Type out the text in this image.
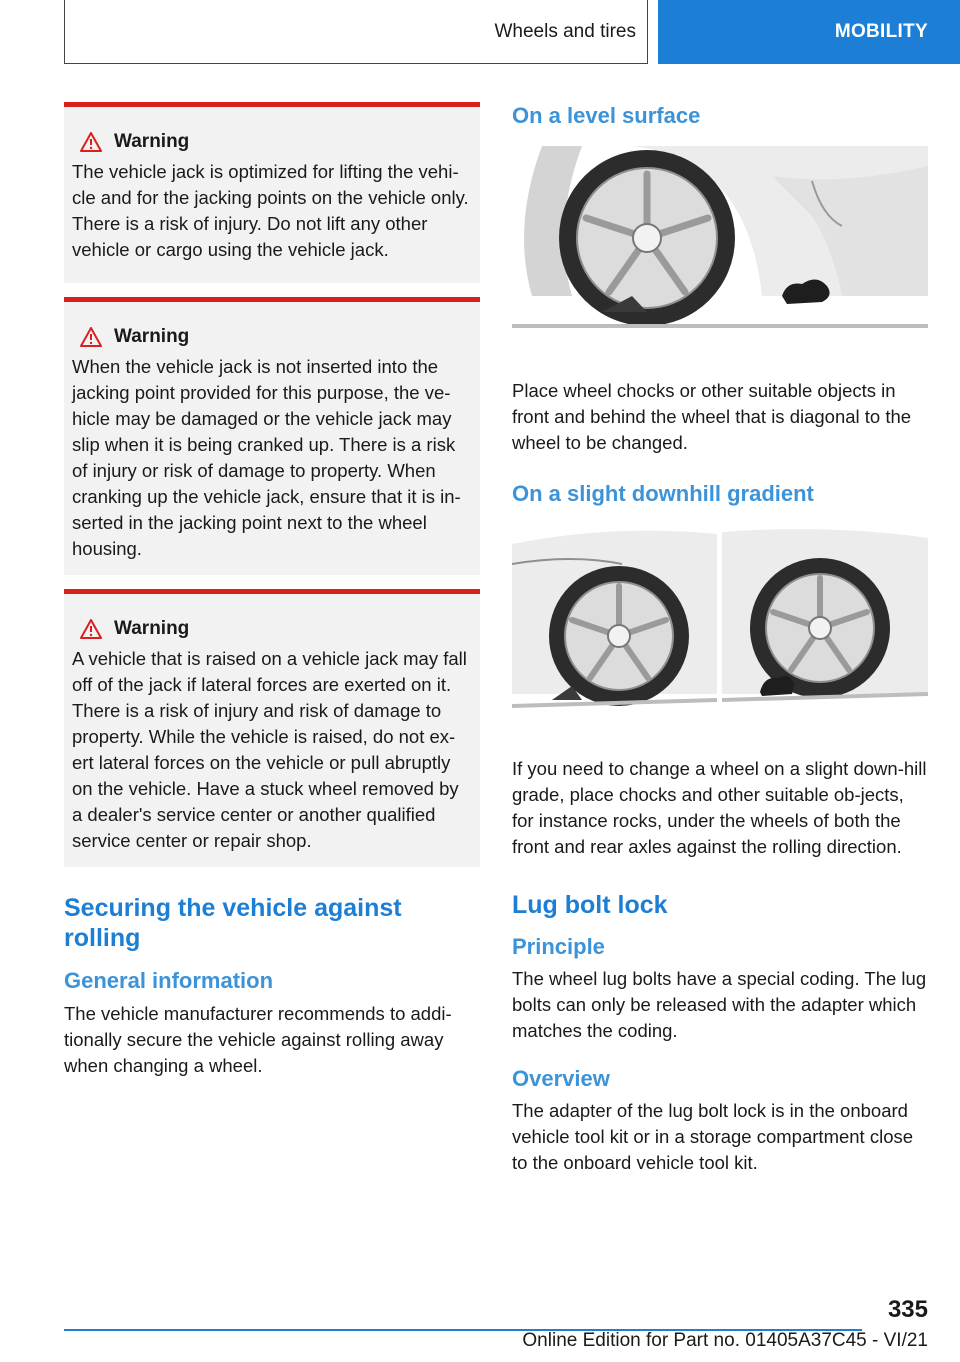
Wheels and tires	MOBILITY
Warning
The vehicle jack is optimized for lifting the vehi‐cle and for the jacking points on the vehicle only. There is a risk of injury. Do not lift any other vehicle or cargo using the vehicle jack.
Warning
When the vehicle jack is not inserted into the jacking point provided for this purpose, the ve‐hicle may be damaged or the vehicle jack may slip when it is being cranked up. There is a risk of injury or risk of damage to property. When cranking up the vehicle jack, ensure that it is in‐serted in the jacking point next to the wheel housing.
Warning
A vehicle that is raised on a vehicle jack may fall off of the jack if lateral forces are exerted on it. There is a risk of injury and risk of damage to property. While the vehicle is raised, do not ex‐ert lateral forces on the vehicle or pull abruptly on the vehicle. Have a stuck wheel removed by a dealer's service center or another qualified service center or repair shop.
Securing the vehicle against rolling
General information

The vehicle manufacturer recommends to addi‐tionally secure the vehicle against rolling away when changing a wheel.

On a level surface

Place wheel chocks or other suitable objects in front and behind the wheel that is diagonal to the wheel to be changed.

On a slight downhill gradient

If you need to change a wheel on a slight down‐hill grade, place chocks and other suitable ob‐jects, for instance rocks, under the wheels of both the front and rear axles against the rolling direction.

Lug bolt lock
Principle

The wheel lug bolts have a special coding. The lug bolts can only be released with the adapter which matches the coding.

Overview

The adapter of the lug bolt lock is in the onboard vehicle tool kit or in a storage compartment close to the onboard vehicle tool kit.

335
Online Edition for Part no. 01405A37C45 - VI/21
